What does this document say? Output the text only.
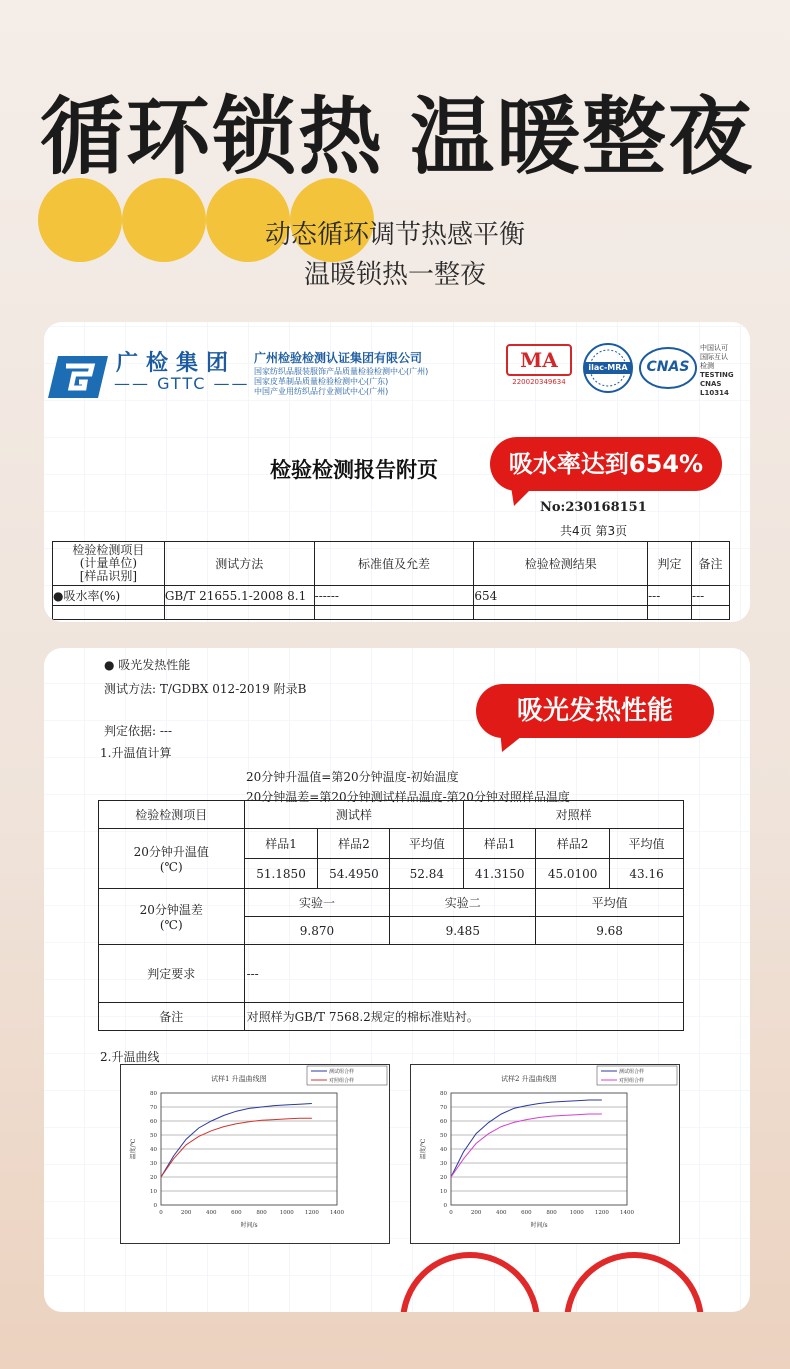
循环锁热 温暖整夜
动态循环调节热感平衡
温暖锁热一整夜
广检集团
—— GTTC ——
广州检验检测认证集团有限公司
国家纺织品服装服饰产品质量检验检测中心(广州)
国家皮革制品质量检验检测中心(广东)
中国产业用纺织品行业测试中心(广州)
MA
220020349634
ilac-MRA	CNAS
中国认可
国际互认
检测
TESTING
CNAS L10314
检验检测报告附页	吸水率达到654%
No:230168151
共4页 第3页
检验检测项目
(计量单位)
[样品识别]	测试方法	标准值及允差	检验检测结果	判定	备注
●吸水率(%)	GB/T 21655.1-2008 8.1	------	654	---	---

● 吸光发热性能
测试方法: T/GDBX 012-2019 附录B
判定依据: ---
吸光发热性能
1.升温值计算
20分钟升温值=第20分钟温度-初始温度
20分钟温差=第20分钟测试样品温度-第20分钟对照样品温度
检验检测项目	测试样			对照样		

20分钟升温值
(℃)	样品1	样品2	平均值	样品1	样品2	平均值
	51.1850	54.4950	52.84	41.3150	45.0100	43.16

20分钟温差
(℃)	实验一		实验二		平均值	
	9.870		9.485		9.68	
判定要求	---					
备注	对照样为GB/T 7568.2规定的棉标准贴衬。					
2.升温曲线
试样1 升温曲线图
0
10
20
30
40
50
60
70
80
0	200	400	600	800 1000 1200 1400
时间/s
温度/℃
测试组合样
对照组合样	试样2 升温曲线图
0
10
20
30
40
50
60
70
80
0	200	400	600	800 1000 1200 1400
时间/s
温度/℃
测试组合样
对照组合样
